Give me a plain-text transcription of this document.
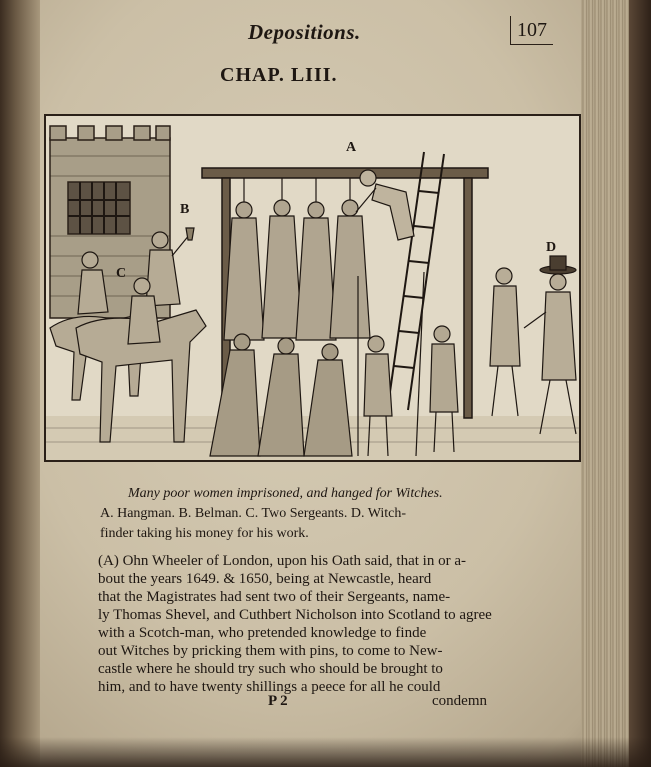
Depositions.	107
CHAP. LIII.
A
B
C
D
Many poor women imprisoned, and hanged for Witches.
A. Hangman. B. Belman. C. Two Sergeants. D. Witch-
finder taking his money for his work.
(A) Ohn Wheeler of London, upon his Oath said, that in or a-
bout the years 1649. & 1650, being at Newcastle, heard
that the Magistrates had sent two of their Sergeants, name-
ly Thomas Shevel, and Cuthbert Nicholson into Scotland to agree
with a Scotch-man, who pretended knowledge to finde
out Witches by pricking them with pins, to come to New-
castle where he should try such who should be brought to
P 2	condemn
him, and to have twenty shillings a peece for all he could
